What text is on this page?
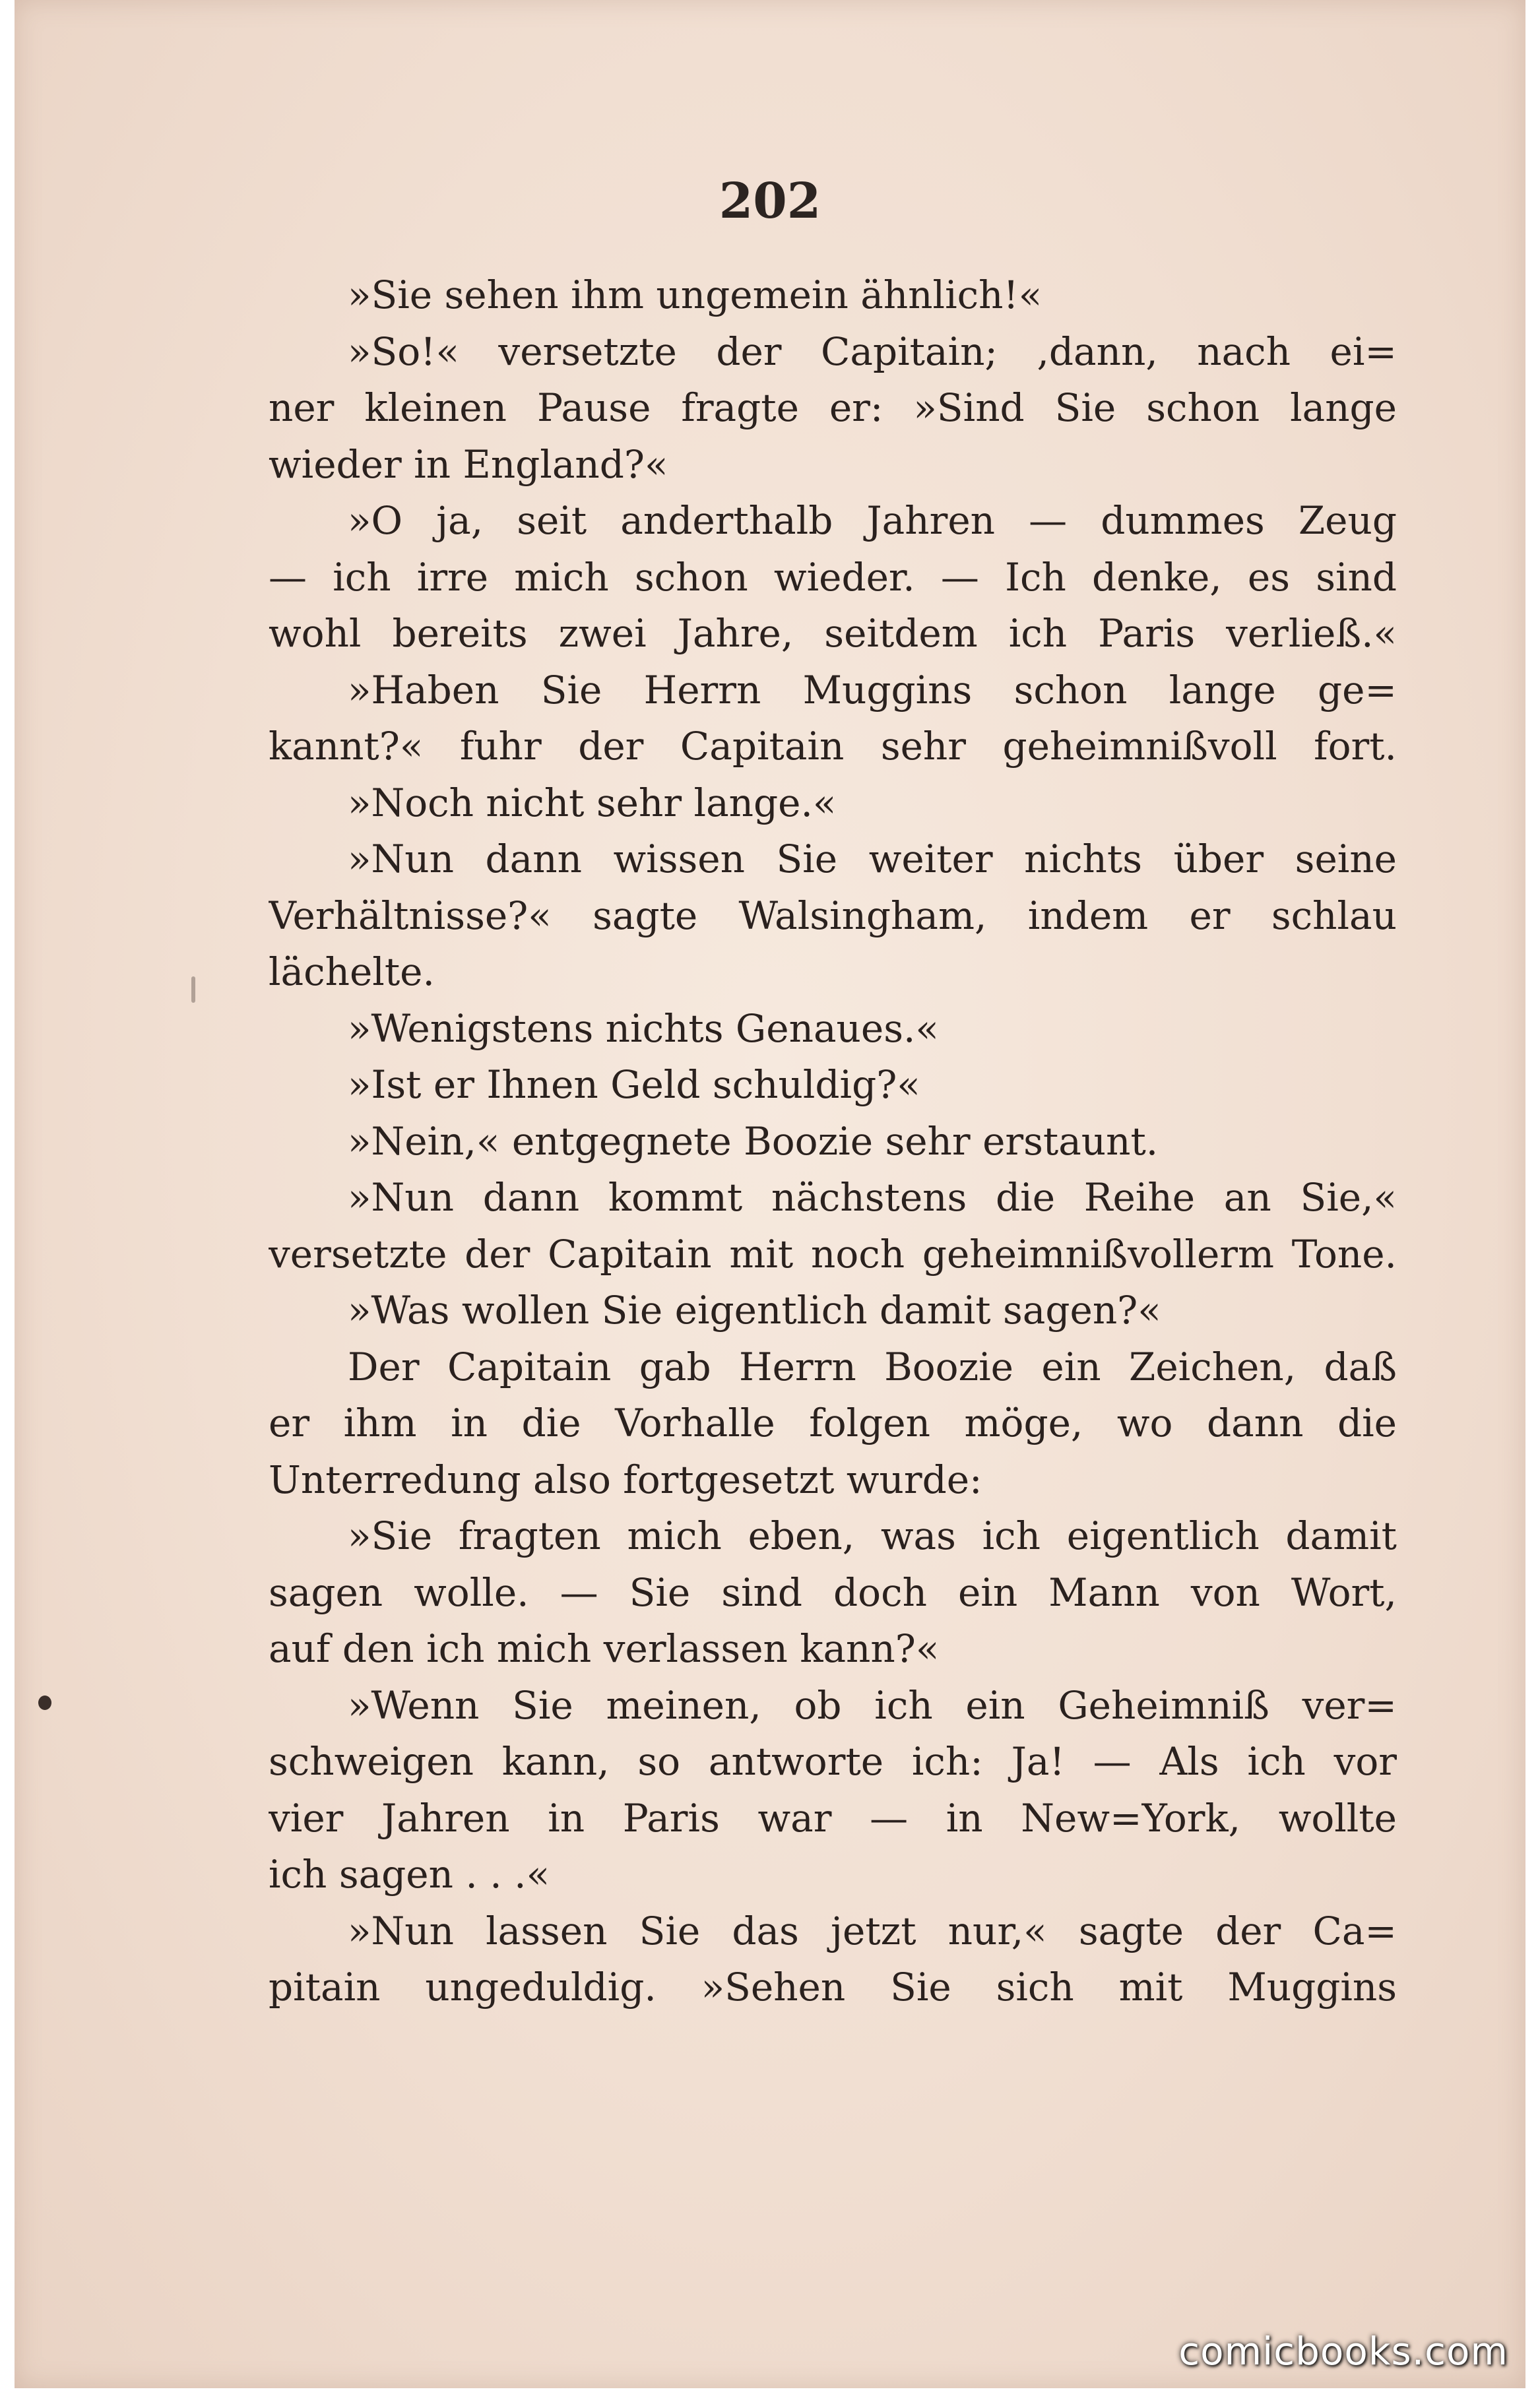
202
»Sie sehen ihm ungemein ähnlich!«
»So!« versetzte der Capitain; ,dann, nach ei=
ner kleinen Pause fragte er: »Sind Sie schon lange
wieder in England?«
»O ja, seit anderthalb Jahren — dummes Zeug
— ich irre mich schon wieder. — Ich denke, es sind
wohl bereits zwei Jahre, seitdem ich Paris verließ.«
»Haben Sie Herrn Muggins schon lange ge=
kannt?« fuhr der Capitain sehr geheimnißvoll fort.
»Noch nicht sehr lange.«
»Nun dann wissen Sie weiter nichts über seine
Verhältnisse?« sagte Walsingham, indem er schlau
lächelte.
»Wenigstens nichts Genaues.«
»Ist er Ihnen Geld schuldig?«
»Nein,« entgegnete Boozie sehr erstaunt.
»Nun dann kommt nächstens die Reihe an Sie,«
versetzte der Capitain mit noch geheimnißvollerm Tone.
»Was wollen Sie eigentlich damit sagen?«
Der Capitain gab Herrn Boozie ein Zeichen, daß
er ihm in die Vorhalle folgen möge, wo dann die
Unterredung also fortgesetzt wurde:
»Sie fragten mich eben, was ich eigentlich damit
sagen wolle. — Sie sind doch ein Mann von Wort,
auf den ich mich verlassen kann?«
»Wenn Sie meinen, ob ich ein Geheimniß ver=
schweigen kann, so antworte ich: Ja! — Als ich vor
vier Jahren in Paris war — in New=York, wollte
ich sagen . . .«
»Nun lassen Sie das jetzt nur,« sagte der Ca=
pitain ungeduldig. »Sehen Sie sich mit Muggins
comicbooks.com
